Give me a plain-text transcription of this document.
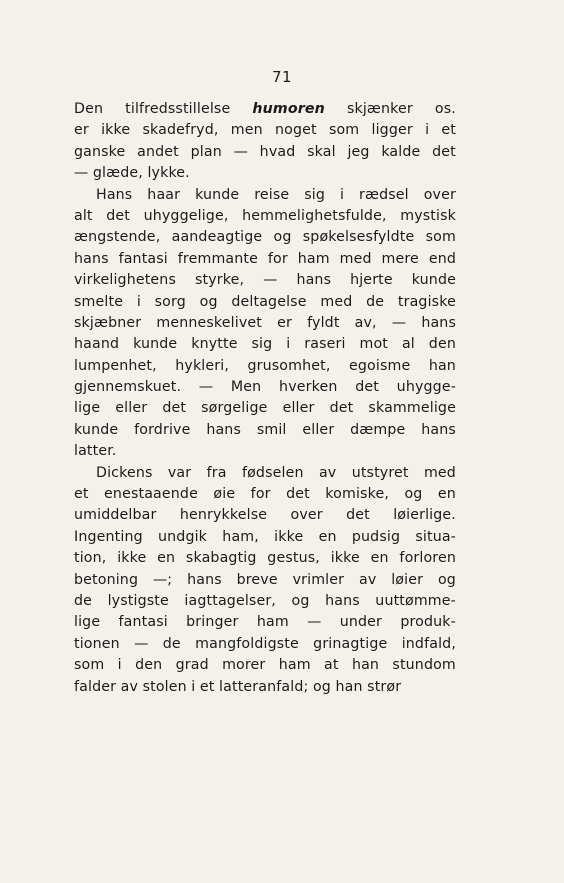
71
Den tilfredsstillelse humoren skjænker os.
er ikke skadefryd, men noget som ligger i et
ganske andet plan — hvad skal jeg kalde det
— glæde, lykke.
Hans haar kunde reise sig i rædsel over
alt det uhyggelige, hemmelighetsfulde, mystisk
ængstende, aandeagtige og spøkelsesfyldte som
hans fantasi fremmante for ham med mere end
virkelighetens styrke, — hans hjerte kunde
smelte i sorg og deltagelse med de tragiske
skjæbner menneskelivet er fyldt av, — hans
haand kunde knytte sig i raseri mot al den
lumpenhet, hykleri, grusomhet, egoisme han
gjennemskuet. — Men hverken det uhygge-
lige eller det sørgelige eller det skammelige
kunde fordrive hans smil eller dæmpe hans
latter.
Dickens var fra fødselen av utstyret med
et enestaaende øie for det komiske, og en
umiddelbar henrykkelse over det løierlige.
Ingenting undgik ham, ikke en pudsig situa-
tion, ikke en skabagtig gestus, ikke en forloren
betoning —; hans breve vrimler av løier og
de lystigste iagttagelser, og hans uuttømme-
lige fantasi bringer ham — under produk-
tionen — de mangfoldigste grinagtige indfald,
som i den grad morer ham at han stundom
falder av stolen i et latteranfald; og han strør
